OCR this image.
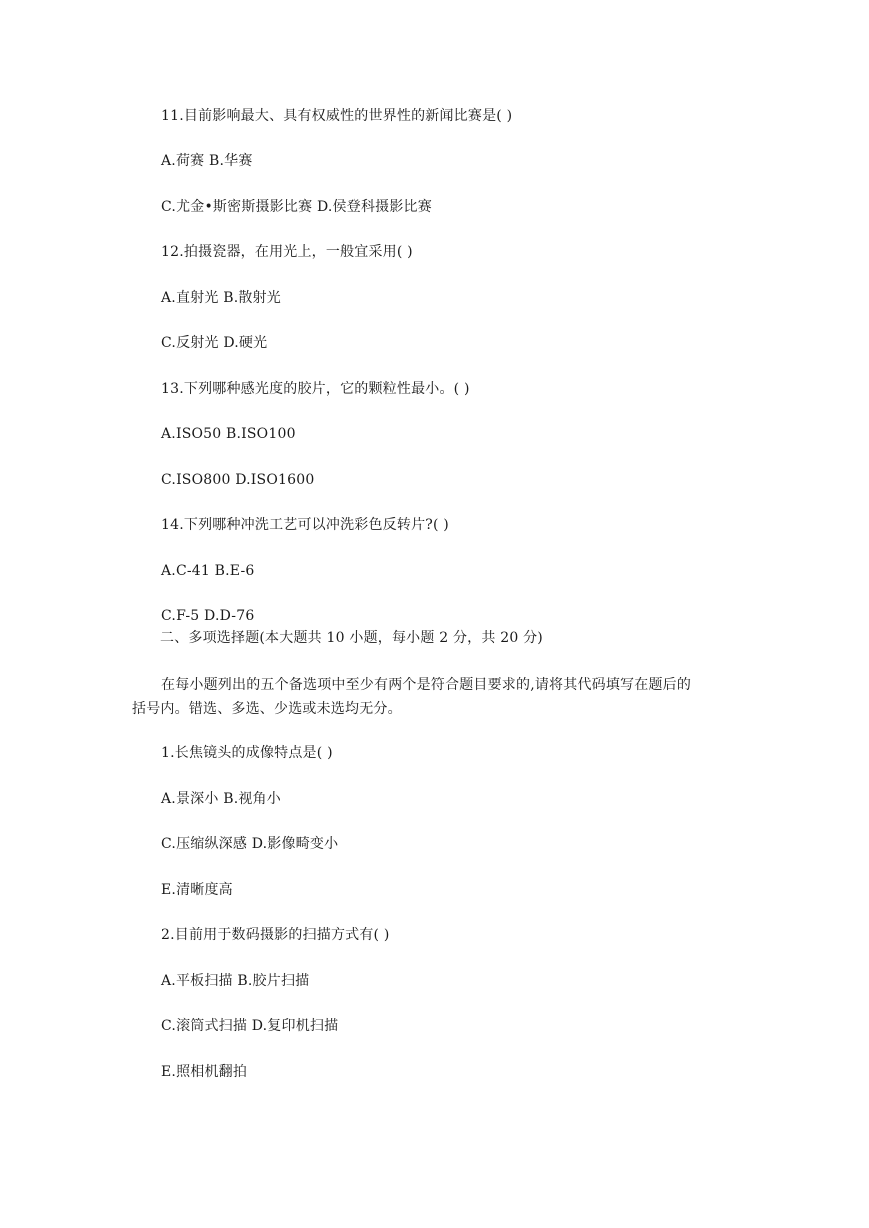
11.目前影响最大、具有权威性的世界性的新闻比赛是( )
A.荷赛 B.华赛
C.尤金•斯密斯摄影比赛 D.侯登科摄影比赛
12.拍摄瓷器，在用光上，一般宜采用( )
A.直射光 B.散射光
C.反射光 D.硬光
13.下列哪种感光度的胶片，它的颗粒性最小。( )
A.ISO50 B.ISO100
C.ISO800 D.ISO1600
14.下列哪种冲洗工艺可以冲洗彩色反转片?( )
A.C-41 B.E-6
C.F-5 D.D-76
二、多项选择题(本大题共 10 小题，每小题 2 分，共 20 分)
在每小题列出的五个备选项中至少有两个是符合题目要求的,请将其代码填写在题后的
括号内。错选、多选、少选或未选均无分。
1.长焦镜头的成像特点是( )
A.景深小 B.视角小
C.压缩纵深感 D.影像畸变小
E.清晰度高
2.目前用于数码摄影的扫描方式有( )
A.平板扫描 B.胶片扫描
C.滚筒式扫描 D.复印机扫描
E.照相机翻拍
